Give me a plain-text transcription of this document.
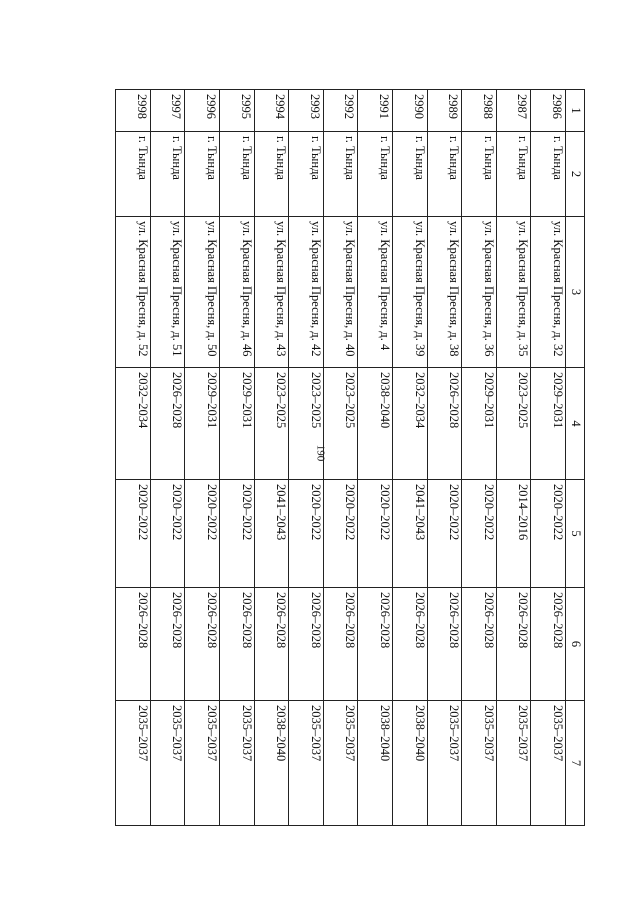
190
1	2	3	4	5	6	7
2986	г. Тында	ул. Красная Пресня, д. 32	2029–2031	2020–2022	2026–2028	2035–2037
2987	г. Тында	ул. Красная Пресня, д. 35	2023–2025	2014–2016	2026–2028	2035–2037
2988	г. Тында	ул. Красная Пресня, д. 36	2029–2031	2020–2022	2026–2028	2035–2037
2989	г. Тында	ул. Красная Пресня, д. 38	2026–2028	2020–2022	2026–2028	2035–2037
2990	г. Тында	ул. Красная Пресня, д. 39	2032–2034	2041–2043	2026–2028	2038–2040
2991	г. Тында	ул. Красная Пресня, д. 4	2038–2040	2020–2022	2026–2028	2038–2040
2992	г. Тында	ул. Красная Пресня, д. 40	2023–2025	2020–2022	2026–2028	2035–2037
2993	г. Тында	ул. Красная Пресня, д. 42	2023–2025	2020–2022	2026–2028	2035–2037
2994	г. Тында	ул. Красная Пресня, д. 43	2023–2025	2041–2043	2026–2028	2038–2040
2995	г. Тында	ул. Красная Пресня, д. 46	2029–2031	2020–2022	2026–2028	2035–2037
2996	г. Тында	ул. Красная Пресня, д. 50	2029–2031	2020–2022	2026–2028	2035–2037
2997	г. Тында	ул. Красная Пресня, д. 51	2026–2028	2020–2022	2026–2028	2035–2037
2998	г. Тында	ул. Красная Пресня, д. 52	2032–2034	2020–2022	2026–2028	2035–2037
